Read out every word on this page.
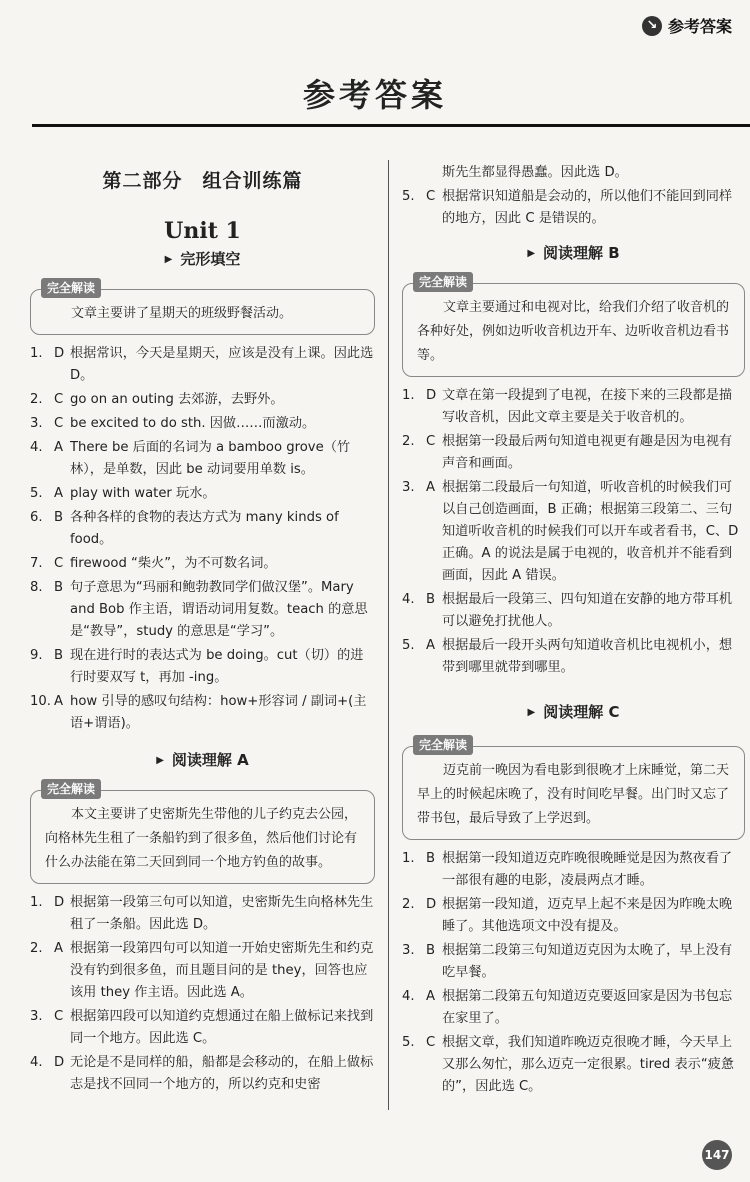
↘ 参考答案
参考答案
第二部分　组合训练篇
Unit 1
▶ 完形填空
完全解读
文章主要讲了星期天的班级野餐活动。
1. D 根据常识，今天是星期天，应该是没有上课。因此选 D。
2. C go on an outing 去郊游，去野外。
3. C be excited to do sth. 因做……而激动。
4. A There be 后面的名词为 a bamboo grove（竹林），是单数，因此 be 动词要用单数 is。
5. A play with water 玩水。
6. B 各种各样的食物的表达方式为 many kinds of food。
7. C firewood “柴火”，为不可数名词。
8. B 句子意思为“玛丽和鲍勃教同学们做汉堡”。Mary and Bob 作主语，谓语动词用复数。teach 的意思是“教导”，study 的意思是“学习”。
9. B 现在进行时的表达式为 be doing。cut（切）的进行时要双写 t，再加 -ing。
10. A how 引导的感叹句结构：how+形容词 / 副词+(主语+谓语)。
▶ 阅读理解 A
完全解读
本文主要讲了史密斯先生带他的儿子约克去公园，向格林先生租了一条船钓到了很多鱼，然后他们讨论有什么办法能在第二天回到同一个地方钓鱼的故事。
1. D 根据第一段第三句可以知道，史密斯先生向格林先生租了一条船。因此选 D。
2. A 根据第一段第四句可以知道一开始史密斯先生和约克没有钓到很多鱼，而且题目问的是 they，回答也应该用 they 作主语。因此选 A。
3. C 根据第四段可以知道约克想通过在船上做标记来找到同一个地方。因此选 C。
4. D 无论是不是同样的船，船都是会移动的，在船上做标志是找不回同一个地方的，所以约克和史密
斯先生都显得愚蠢。因此选 D。
5. C 根据常识知道船是会动的，所以他们不能回到同样的地方，因此 C 是错误的。
▶ 阅读理解 B
完全解读
文章主要通过和电视对比，给我们介绍了收音机的各种好处，例如边听收音机边开车、边听收音机边看书等。
1. D 文章在第一段提到了电视，在接下来的三段都是描写收音机，因此文章主要是关于收音机的。
2. C 根据第一段最后两句知道电视更有趣是因为电视有声音和画面。
3. A 根据第二段最后一句知道，听收音机的时候我们可以自己创造画面，B 正确；根据第三段第二、三句知道听收音机的时候我们可以开车或者看书，C、D 正确。A 的说法是属于电视的，收音机并不能看到画面，因此 A 错误。
4. B 根据最后一段第三、四句知道在安静的地方带耳机可以避免打扰他人。
5. A 根据最后一段开头两句知道收音机比电视机小，想带到哪里就带到哪里。
▶ 阅读理解 C
完全解读
迈克前一晚因为看电影到很晚才上床睡觉，第二天早上的时候起床晚了，没有时间吃早餐。出门时又忘了带书包，最后导致了上学迟到。
1. B 根据第一段知道迈克昨晚很晚睡觉是因为熬夜看了一部很有趣的电影，凌晨两点才睡。
2. D 根据第一段知道，迈克早上起不来是因为昨晚太晚睡了。其他选项文中没有提及。
3. B 根据第二段第三句知道迈克因为太晚了，早上没有吃早餐。
4. A 根据第二段第五句知道迈克要返回家是因为书包忘在家里了。
5. C 根据文章，我们知道昨晚迈克很晚才睡，今天早上又那么匆忙，那么迈克一定很累。tired 表示“疲惫的”，因此选 C。
147
